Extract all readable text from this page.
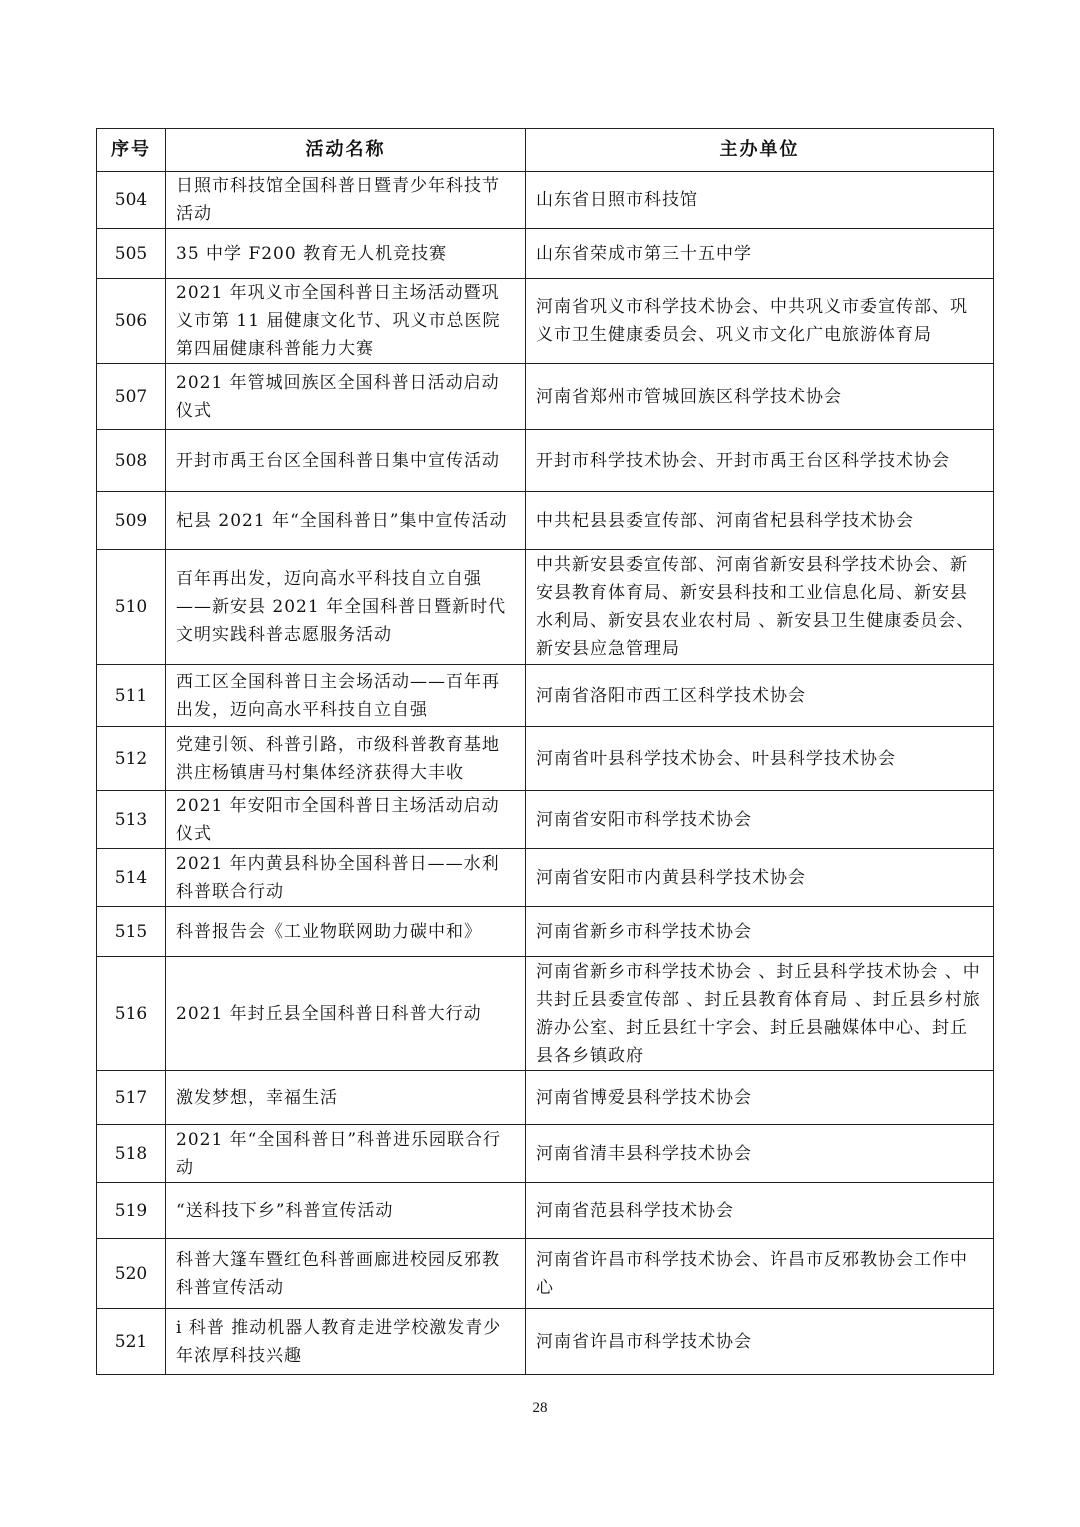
序号	活动名称	主办单位
504	日照市科技馆全国科普日暨青少年科技节活动	山东省日照市科技馆
505	35 中学 F200 教育无人机竞技赛	山东省荣成市第三十五中学
506	2021 年巩义市全国科普日主场活动暨巩义市第 11 届健康文化节、巩义市总医院第四届健康科普能力大赛	河南省巩义市科学技术协会、中共巩义市委宣传部、巩义市卫生健康委员会、巩义市文化广电旅游体育局
507	2021 年管城回族区全国科普日活动启动仪式	河南省郑州市管城回族区科学技术协会
508	开封市禹王台区全国科普日集中宣传活动	开封市科学技术协会、开封市禹王台区科学技术协会
509	杞县 2021 年“全国科普日”集中宣传活动	中共杞县县委宣传部、河南省杞县科学技术协会
510	百年再出发，迈向高水平科技自立自强——新安县 2021 年全国科普日暨新时代文明实践科普志愿服务活动	中共新安县委宣传部、河南省新安县科学技术协会、新安县教育体育局、新安县科技和工业信息化局、新安县水利局、新安县农业农村局 、新安县卫生健康委员会、新安县应急管理局
511	西工区全国科普日主会场活动——百年再出发，迈向高水平科技自立自强	河南省洛阳市西工区科学技术协会
512	党建引领、科普引路，市级科普教育基地洪庄杨镇唐马村集体经济获得大丰收	河南省叶县科学技术协会、叶县科学技术协会
513	2021 年安阳市全国科普日主场活动启动仪式	河南省安阳市科学技术协会
514	2021 年内黄县科协全国科普日——水利科普联合行动	河南省安阳市内黄县科学技术协会
515	科普报告会《工业物联网助力碳中和》	河南省新乡市科学技术协会
516	2021 年封丘县全国科普日科普大行动	河南省新乡市科学技术协会 、封丘县科学技术协会 、中共封丘县委宣传部 、封丘县教育体育局 、封丘县乡村旅游办公室、封丘县红十字会、封丘县融媒体中心、封丘县各乡镇政府
517	激发梦想，幸福生活	河南省博爱县科学技术协会
518	2021 年“全国科普日”科普进乐园联合行动	河南省清丰县科学技术协会
519	“送科技下乡”科普宣传活动	河南省范县科学技术协会
520	科普大篷车暨红色科普画廊进校园反邪教科普宣传活动	河南省许昌市科学技术协会、许昌市反邪教协会工作中心
521	i 科普 推动机器人教育走进学校激发青少年浓厚科技兴趣	河南省许昌市科学技术协会
28
